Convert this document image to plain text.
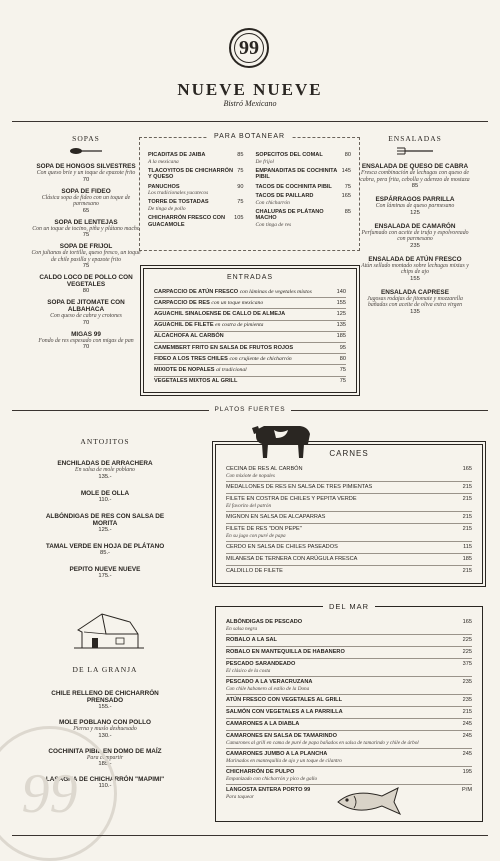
99
NUEVE NUEVE
Bistró Mexicano
SOPAS
SOPA DE HONGOS SILVESTRES
Con queso brie y un toque de epazote frito
70
SOPA DE FIDEO
Clásica sopa de fideo con un toque de parmesano
65
SOPA DE LENTEJAS
Con un toque de tocino, piña y plátano macho
75
SOPA DE FRIJOL
Con julianas de tortilla, queso fresco, un toque de chile pasilla y epazote frito
75
CALDO LOCO DE POLLO CON VEGETALES
80
SOPA DE JITOMATE CON ALBAHACA
Con queso de cabra y crotones
70
MIGAS 99
Fondo de res espesado con migas de pan
70
ENSALADAS
ENSALADA DE QUESO DE CABRA
Fresca combinación de lechugas con queso de cabra, pera frita, cebolla y aderezo de mostaza
85
ESPÁRRAGOS PARRILLA
Con láminas de queso parmesano
125
ENSALADA DE CAMARÓN
Perfumado con aceite de trufa y espolvoreado con parmesano
235
ENSALADA DE ATÚN FRESCO
Atún sellado montado sobre lechugas mixtas y chips de ajo
155
ENSALADA CAPRESE
Jugosas rodajas de jitomate y mozzarella bañadas con aceite de oliva extra virgen
135
PARA BOTANEAR
PICADITAS DE JAIBA
A la mexicana
85
TLACOYITOS DE CHICHARRÓN Y QUESO
75
PANUCHOS
Los tradicionales yucatecos
90
TORRE DE TOSTADAS
De tinga de pollo
75
CHICHARRÓN FRESCO CON GUACAMOLE
105
SOPECITOS DEL COMAL
De frijol
80
EMPANADITAS DE COCHINITA PIBIL
145
TACOS DE COCHINITA PIBIL 75
TACOS DE PAILLARD
Con chicharrón
165
CHALUPAS DE PLÁTANO MACHO
Con tinga de res
85
ENTRADAS
CARPACCIO DE ATÚN FRESCO con láminas de vegetales mixtos	140
CARPACCIO DE RES con un toque mexicano	155
AGUACHIL SINALOENSE DE CALLO DE ALMEJA	125
AGUACHIL DE FILETE en costra de pimienta	135
ALCACHOFA AL CARBÓN	185
CAMEMBERT FRITO EN SALSA DE FRUTOS ROJOS	95
FIDEO A LOS TRES CHILES con crujiente de chicharrón	80
MIXIOTE DE NOPALES al tradicional	75
VEGETALES MIXTOS AL GRILL	75
PLATOS FUERTES
ANTOJITOS
ENCHILADAS DE ARRACHERA
En salsa de mole poblano
135.-
MOLE DE OLLA
110.-
ALBÓNDIGAS DE RES CON SALSA DE MORITA
125.-
TAMAL VERDE EN HOJA DE PLÁTANO
85.-
PEPITO NUEVE NUEVE
175.-
DE LA GRANJA
CHILE RELLENO DE CHICHARRÓN PRENSADO
155.-
MOLE POBLANO CON POLLO
Pierna y muslo deshuesado
130.-
COCHINITA PIBIL EN DOMO DE MAÍZ
Para compartir
185.-
LASAGNA DE CHICHARRÓN "MAPIMI"
110.-
CARNES
CECINA DE RES AL CARBÓN
Con mixiote de nopales
165
MEDALLONES DE RES EN SALSA DE TRES PIMIENTAS	215
FILETE EN COSTRA DE CHILES Y PEPITA VERDE
El favorito del patrón
215
MIGNON EN SALSA DE ALCAPARRAS	215
FILETE DE RES "DON PEPE"
En su jugo con puré de papa
215
CERDO EN SALSA DE CHILES PASEADOS	115
MILANESA DE TERNERA CON ARÚGULA FRESCA	185
CALDILLO DE FILETE	215
DEL MAR
ALBÓNDIGAS DE PESCADO
En salsa negra
165
ROBALO A LA SAL	225
ROBALO EN MANTEQUILLA DE HABANERO	225
PESCADO SARANDEADO
El clásico de la costa
375
PESCADO A LA VERACRUZANA
Con chile habanero al estilo de la Dona
235
ATÚN FRESCO CON VEGETALES AL GRILL	235
SALMÓN CON VEGETALES A LA PARRILLA	215
CAMARONES A LA DIABLA	245
CAMARONES EN SALSA DE TAMARINDO
Camarones al grill en cama de puré de papa bañados en salsa de tamarindo y chile de árbol
245
CAMARONES JUMBO A LA PLANCHA
Marinados en mantequilla de ajo y un toque de cilantro
245
CHICHARRÓN DE PULPO
Empanizado con chicharrón y pico de gallo
195
LANGOSTA ENTERA PORTO 99
Para taquear
P/M
99
